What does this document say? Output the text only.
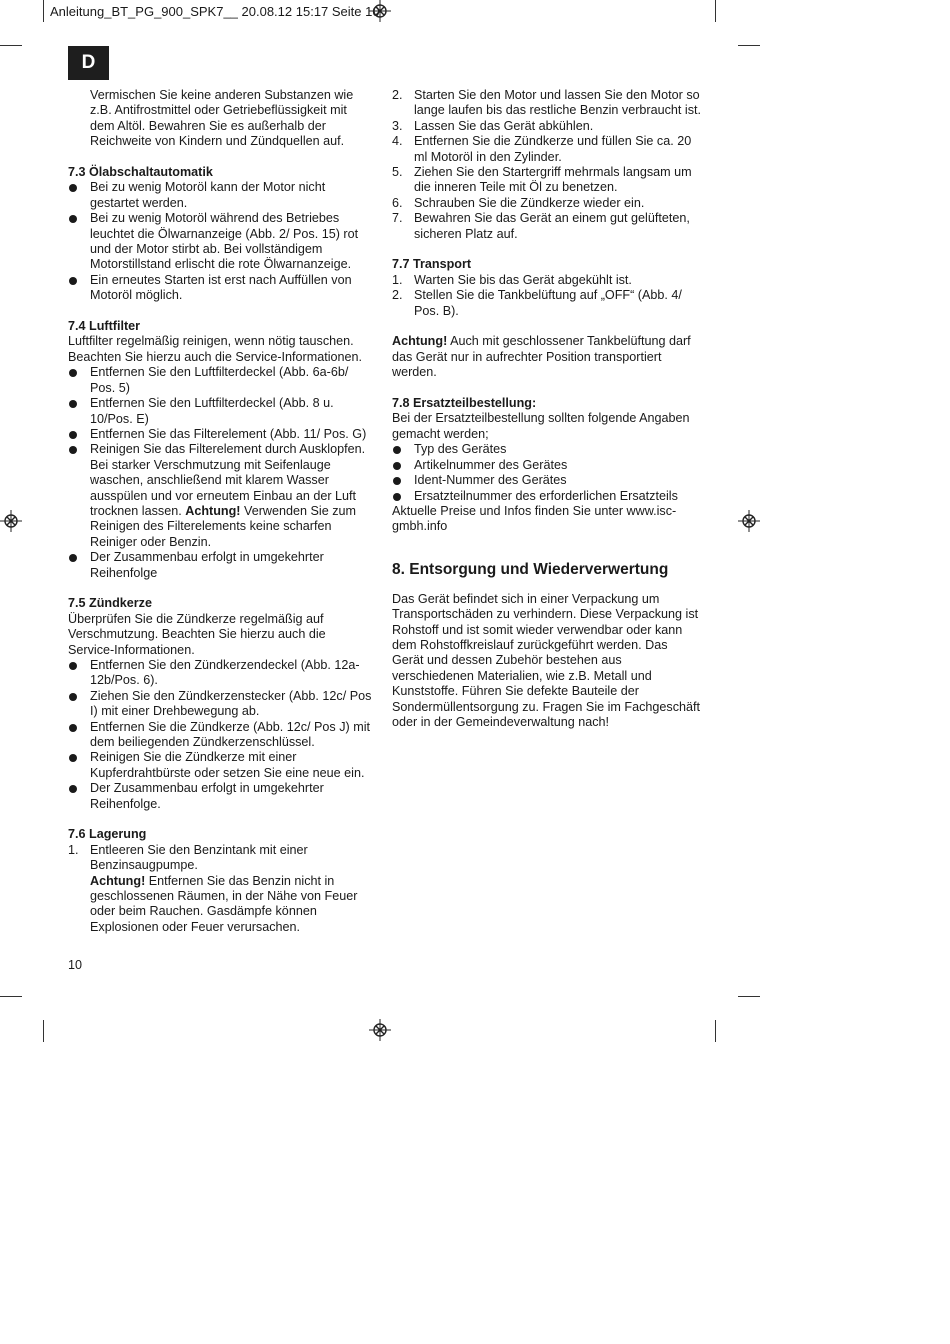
Anleitung_BT_PG_900_SPK7__ 20.08.12 15:17 Seite 10
D

Vermischen Sie keine anderen Substanzen wie z.B. Antifrostmittel oder Getriebeflüssigkeit mit dem Altöl. Bewahren Sie es außerhalb der Reichweite von Kindern und Zündquellen auf.

7.3 Ölabschaltautomatik

Bei zu wenig Motoröl kann der Motor nicht gestartet werden.
Bei zu wenig Motoröl während des Betriebes leuchtet die Ölwarnanzeige (Abb. 2/ Pos. 15) rot und der Motor stirbt ab. Bei vollständigem Motorstillstand erlischt die rote Ölwarnanzeige.
Ein erneutes Starten ist erst nach Auffüllen von Motoröl möglich.

7.4 Luftfilter

Luftfilter regelmäßig reinigen, wenn nötig tauschen. Beachten Sie hierzu auch die Service-Informationen.

Entfernen Sie den Luftfilterdeckel (Abb. 6a-6b/ Pos. 5)
Entfernen Sie den Luftfilterdeckel (Abb. 8 u. 10/Pos. E)
Entfernen Sie das Filterelement (Abb. 11/ Pos. G)
Reinigen Sie das Filterelement durch Ausklopfen. Bei starker Verschmutzung mit Seifenlauge waschen, anschließend mit klarem Wasser ausspülen und vor erneutem Einbau an der Luft trocknen lassen. Achtung! Verwenden Sie zum Reinigen des Filterelements keine scharfen Reiniger oder Benzin.
Der Zusammenbau erfolgt in umgekehrter Reihenfolge

7.5 Zündkerze

Überprüfen Sie die Zündkerze regelmäßig auf Verschmutzung. Beachten Sie hierzu auch die Service-Informationen.

Entfernen Sie den Zündkerzendeckel (Abb. 12a-12b/Pos. 6).
Ziehen Sie den Zündkerzenstecker (Abb. 12c/ Pos I) mit einer Drehbewegung ab.
Entfernen Sie die Zündkerze (Abb. 12c/ Pos J) mit dem beiliegenden Zündkerzenschlüssel.
Reinigen Sie die Zündkerze mit einer Kupferdrahtbürste oder setzen Sie eine neue ein.
Der Zusammenbau erfolgt in umgekehrter Reihenfolge.

7.6 Lagerung

1. Entleeren Sie den Benzintank mit einer Benzinsaugpumpe.
Achtung! Entfernen Sie das Benzin nicht in geschlossenen Räumen, in der Nähe von Feuer oder beim Rauchen. Gasdämpfe können Explosionen oder Feuer verursachen.
2. Starten Sie den Motor und lassen Sie den Motor so lange laufen bis das restliche Benzin verbraucht ist.
3. Lassen Sie das Gerät abkühlen.
4. Entfernen Sie die Zündkerze und füllen Sie ca. 20 ml Motoröl in den Zylinder.
5. Ziehen Sie den Startergriff mehrmals langsam um die inneren Teile mit Öl zu benetzen.
6. Schrauben Sie die Zündkerze wieder ein.
7. Bewahren Sie das Gerät an einem gut gelüfteten, sicheren Platz auf.

7.7 Transport

1. Warten Sie bis das Gerät abgekühlt ist.
2. Stellen Sie die Tankbelüftung auf „OFF“ (Abb. 4/ Pos. B).

Achtung! Auch mit geschlossener Tankbelüftung darf das Gerät nur in aufrechter Position transportiert werden.

7.8 Ersatzteilbestellung:

Bei der Ersatzteilbestellung sollten folgende Angaben gemacht werden;

Typ des Gerätes
Artikelnummer des Gerätes
Ident-Nummer des Gerätes
Ersatzteilnummer des erforderlichen Ersatzteils

Aktuelle Preise und Infos finden Sie unter www.isc-gmbh.info

8. Entsorgung und Wiederverwertung

Das Gerät befindet sich in einer Verpackung um Transportschäden zu verhindern. Diese Verpackung ist Rohstoff und ist somit wieder verwendbar oder kann dem Rohstoffkreislauf zurückgeführt werden. Das Gerät und dessen Zubehör bestehen aus verschiedenen Materialien, wie z.B. Metall und Kunststoffe. Führen Sie defekte Bauteile der Sondermüllentsorgung zu. Fragen Sie im Fachgeschäft oder in der Gemeindeverwaltung nach!

10
